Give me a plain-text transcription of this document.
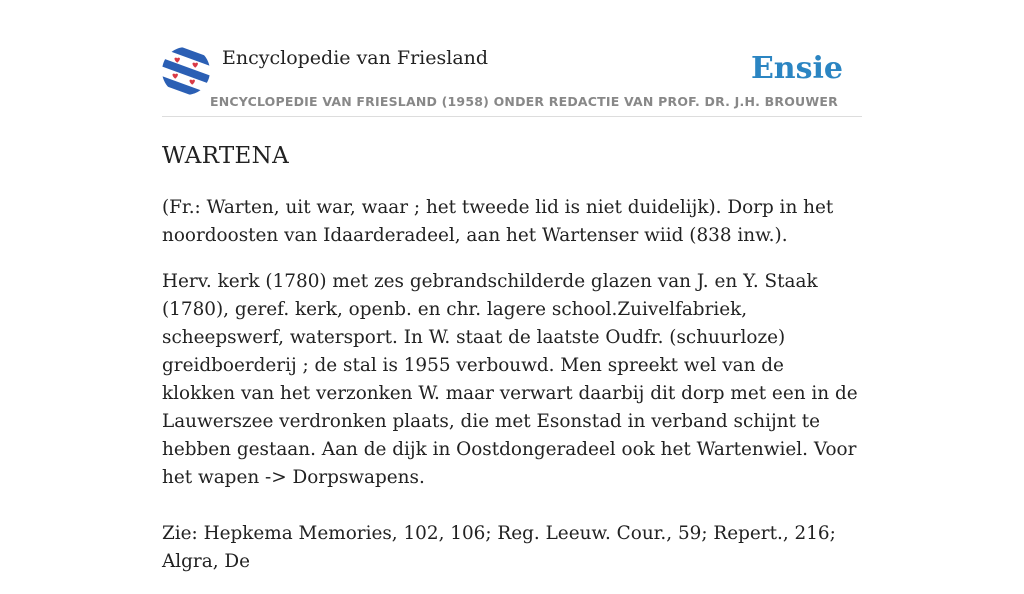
Encyclopedie van Friesland	Ensie
ENCYCLOPEDIE VAN FRIESLAND (1958) ONDER REDACTIE VAN PROF. DR. J.H. BROUWER
WARTENA

(Fr.: Warten, uit war, waar ; het tweede lid is niet duidelijk). Dorp in het noordoosten van Idaarderadeel, aan het Wartenser wiid (838 inw.).

Herv. kerk (1780) met zes gebrandschilderde glazen van J. en Y. Staak (1780), geref. kerk, openb. en chr. lagere school.Zuivelfabriek, scheepswerf, watersport. In W. staat de laatste Oudfr. (schuurloze) greidboerderij ; de stal is 1955 verbouwd. Men spreekt wel van de klokken van het verzonken W. maar verwart daarbij dit dorp met een in de Lauwerszee verdronken plaats, die met Esonstad in verband schijnt te hebben gestaan. Aan de dijk in Oostdongeradeel ook het Wartenwiel. Voor het wapen -> Dorpswapens.

Zie: Hepkema Memories, 102, 106; Reg. Leeuw. Cour., 59; Repert., 216; Algra, De
